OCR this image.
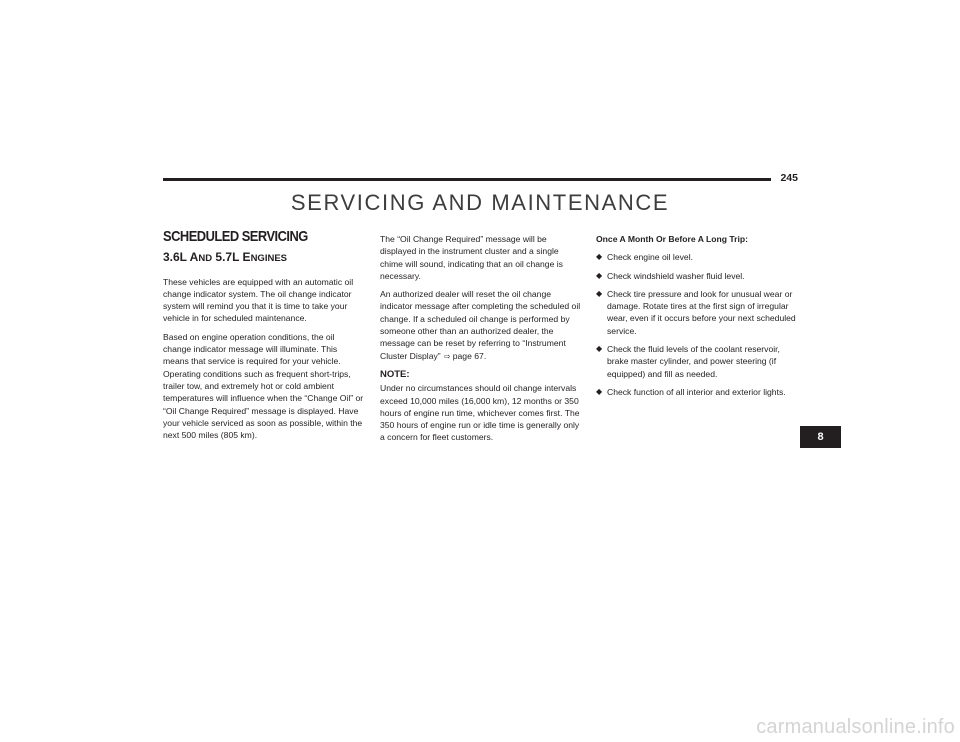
245
SERVICING AND MAINTENANCE
SCHEDULED SERVICING
3.6L AND 5.7L ENGINES

These vehicles are equipped with an automatic oil change indicator system. The oil change indicator system will remind you that it is time to take your vehicle in for scheduled maintenance.

Based on engine operation conditions, the oil change indicator message will illuminate. This means that service is required for your vehicle. Operating conditions such as frequent short-trips, trailer tow, and extremely hot or cold ambient temperatures will influence when the “Change Oil” or “Oil Change Required” message is displayed. Have your vehicle serviced as soon as possible, within the next 500 miles (805 km).

The “Oil Change Required” message will be displayed in the instrument cluster and a single chime will sound, indicating that an oil change is necessary.

An authorized dealer will reset the oil change indicator message after completing the scheduled oil change. If a scheduled oil change is performed by someone other than an authorized dealer, the message can be reset by referring to “Instrument Cluster Display” ⇨ page 67.

NOTE:

Under no circumstances should oil change intervals exceed 10,000 miles (16,000 km), 12 months or 350 hours of engine run time, whichever comes first. The 350 hours of engine run or idle time is generally only a concern for fleet customers.

Once A Month Or Before A Long Trip:
◆ Check engine oil level.
◆ Check windshield washer fluid level.
◆ Check tire pressure and look for unusual wear or damage. Rotate tires at the first sign of irregular wear, even if it occurs before your next scheduled service.
◆ Check the fluid levels of the coolant reservoir, brake master cylinder, and power steering (if equipped) and fill as needed.
◆ Check function of all interior and exterior lights.
8
carmanualsonline.info
